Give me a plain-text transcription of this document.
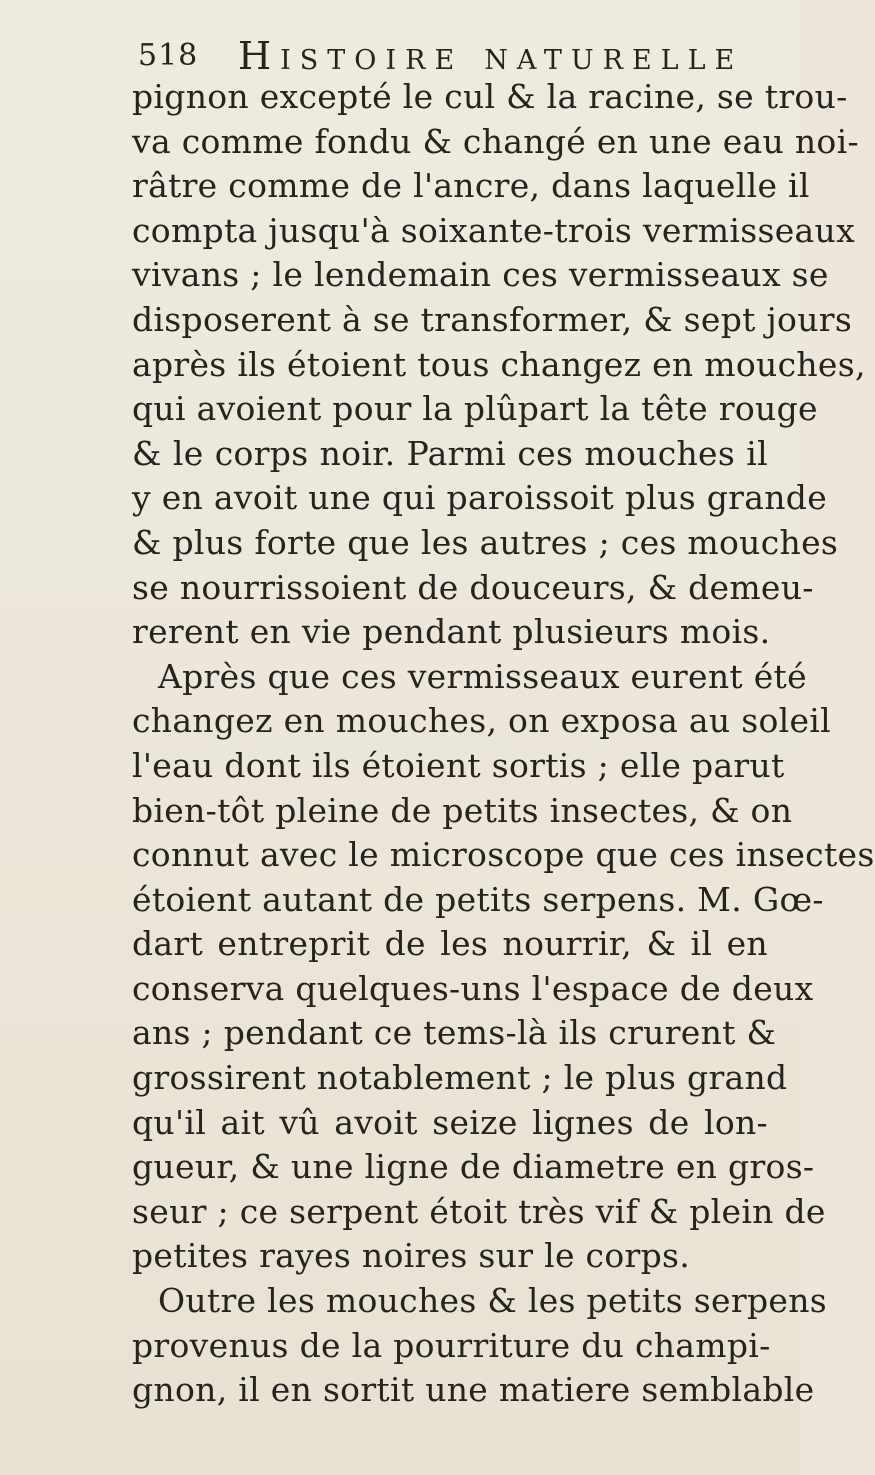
518 Histoire naturelle
pignon excepté le cul & la racine, se trou-
va comme fondu & changé en une eau noi-
râtre comme de l'ancre, dans laquelle il
compta jusqu'à soixante-trois vermisseaux
vivans ; le lendemain ces vermisseaux se
disposerent à se transformer, & sept jours
après ils étoient tous changez en mouches,
qui avoient pour la plûpart la tête rouge
& le corps noir. Parmi ces mouches il
y en avoit une qui paroissoit plus grande
& plus forte que les autres ; ces mouches
se nourrissoient de douceurs, & demeu-
rerent en vie pendant plusieurs mois.
Après que ces vermisseaux eurent été
changez en mouches, on exposa au soleil
l'eau dont ils étoient sortis ; elle parut
bien-tôt pleine de petits insectes, & on
connut avec le microscope que ces insectes
étoient autant de petits serpens. M. Gœ-
dart entreprit de les nourrir, & il en
conserva quelques-uns l'espace de deux
ans ; pendant ce tems-là ils crurent &
grossirent notablement ; le plus grand
qu'il ait vû avoit seize lignes de lon-
gueur, & une ligne de diametre en gros-
seur ; ce serpent étoit très vif & plein de
petites rayes noires sur le corps.
Outre les mouches & les petits serpens
provenus de la pourriture du champi-
gnon, il en sortit une matiere semblable
